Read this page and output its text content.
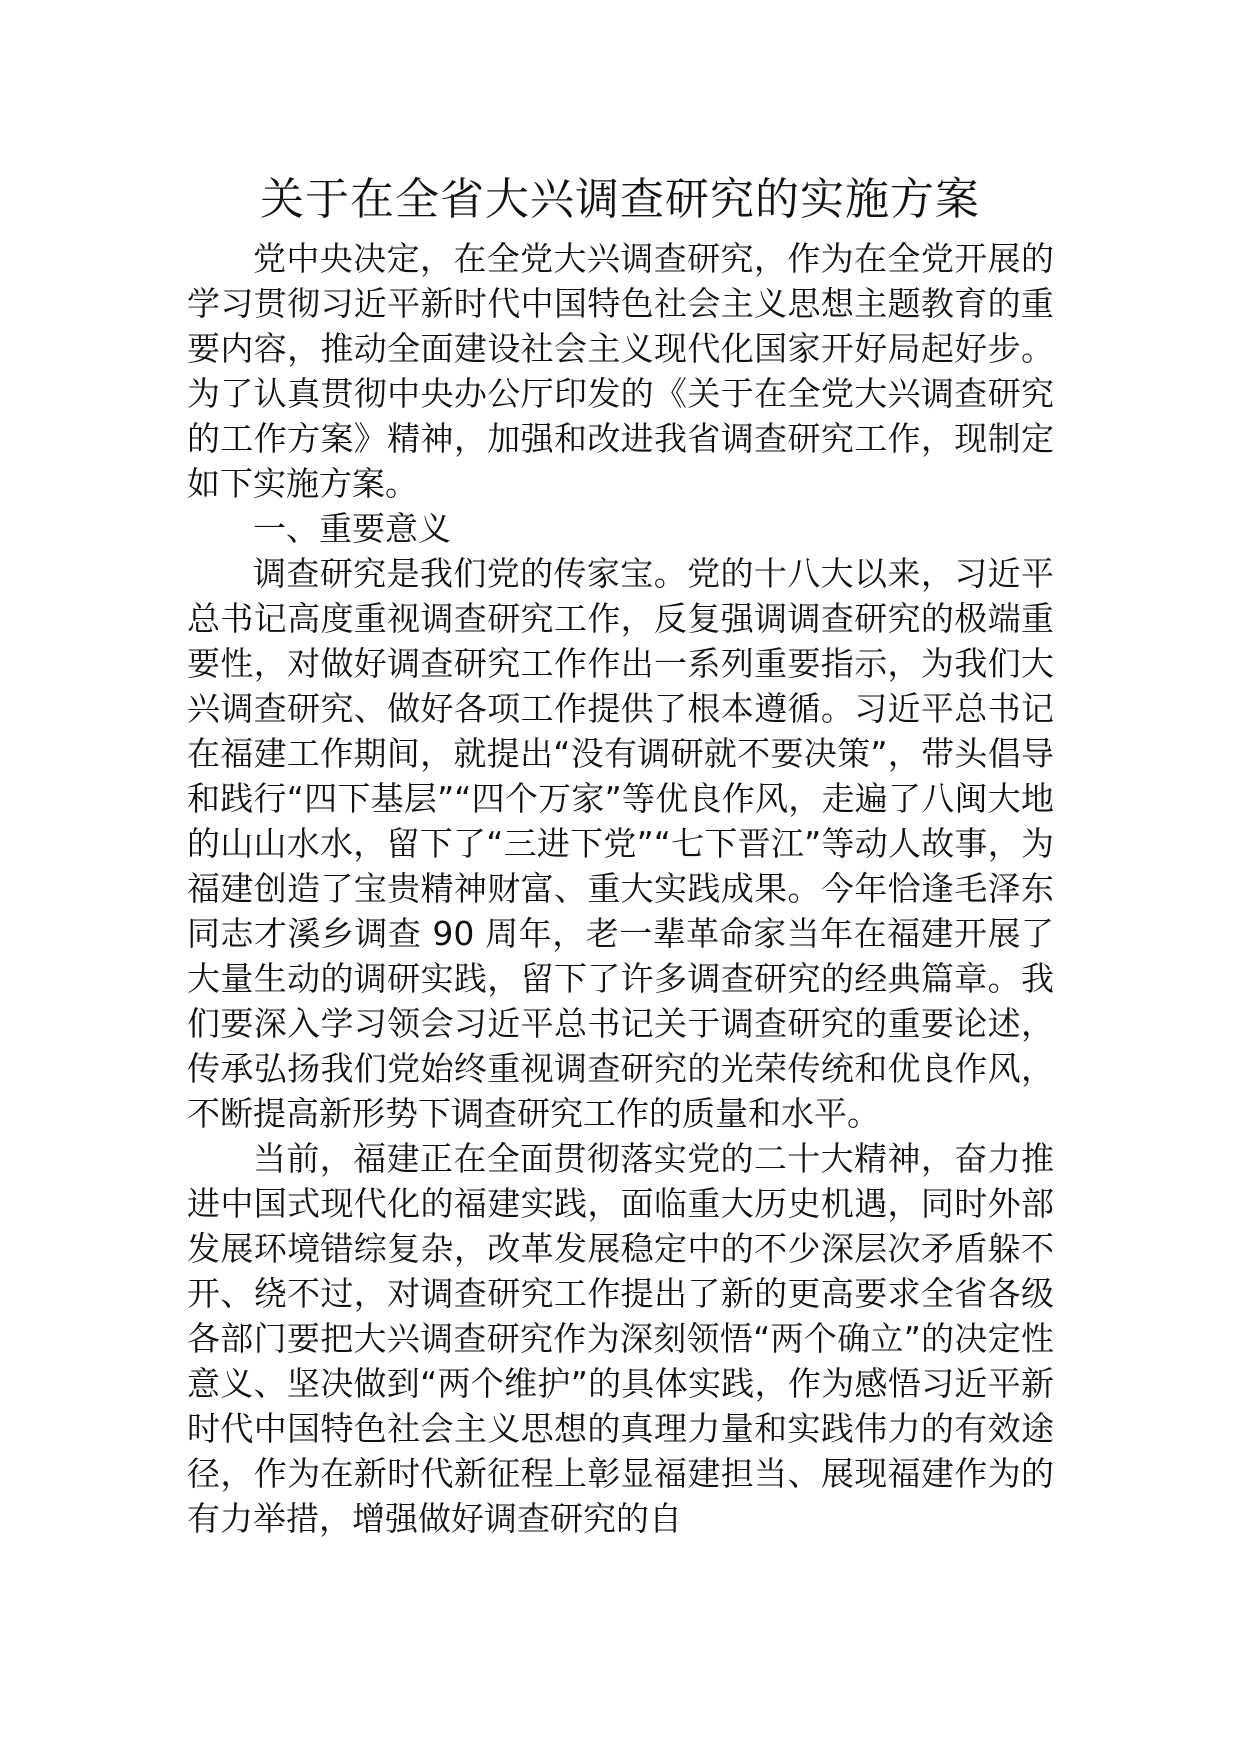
关于在全省大兴调查研究的实施方案

党中央决定，在全党大兴调查研究，作为在全党开展的学习贯彻习近平新时代中国特色社会主义思想主题教育的重要内容，推动全面建设社会主义现代化国家开好局起好步。为了认真贯彻中央办公厅印发的《关于在全党大兴调查研究的工作方案》精神，加强和改进我省调查研究工作，现制定如下实施方案。

一、重要意义

调查研究是我们党的传家宝。党的十八大以来，习近平总书记高度重视调查研究工作，反复强调调查研究的极端重要性，对做好调查研究工作作出一系列重要指示，为我们大兴调查研究、做好各项工作提供了根本遵循。习近平总书记在福建工作期间，就提出“没有调研就不要决策”，带头倡导和践行“四下基层”“四个万家”等优良作风，走遍了八闽大地的山山水水，留下了“三进下党”“七下晋江”等动人故事，为福建创造了宝贵精神财富、重大实践成果。今年恰逢毛泽东同志才溪乡调查 90 周年，老一辈革命家当年在福建开展了大量生动的调研实践，留下了许多调查研究的经典篇章。我们要深入学习领会习近平总书记关于调查研究的重要论述，传承弘扬我们党始终重视调查研究的光荣传统和优良作风，不断提高新形势下调查研究工作的质量和水平。

当前，福建正在全面贯彻落实党的二十大精神，奋力推进中国式现代化的福建实践，面临重大历史机遇，同时外部发展环境错综复杂，改革发展稳定中的不少深层次矛盾躲不开、绕不过，对调查研究工作提出了新的更高要求全省各级各部门要把大兴调查研究作为深刻领悟“两个确立”的决定性意义、坚决做到“两个维护”的具体实践，作为感悟习近平新时代中国特色社会主义思想的真理力量和实践伟力的有效途径，作为在新时代新征程上彰显福建担当、展现福建作为的有力举措，增强做好调查研究的自
